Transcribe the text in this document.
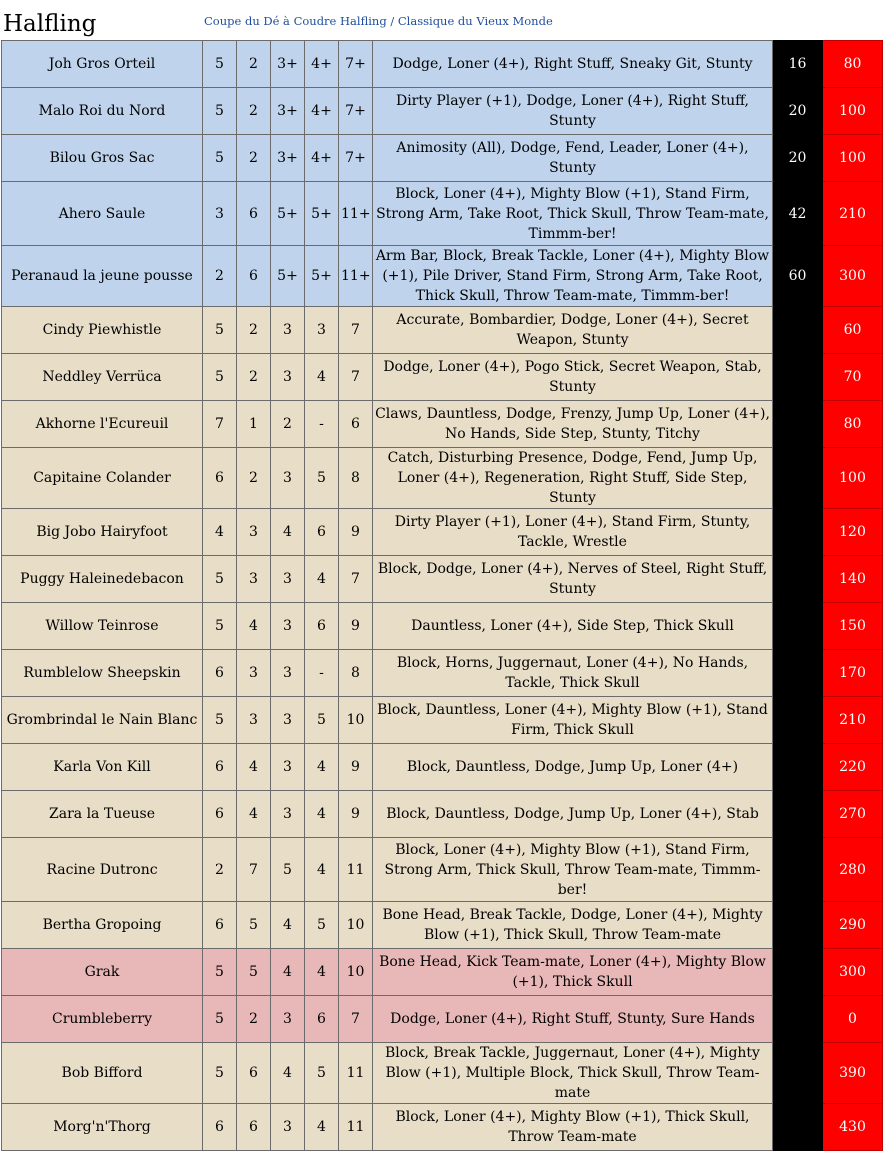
Halfling	Coupe du Dé à Coudre Halfling / Classique du Vieux Monde
Joh Gros Orteil	5	2	3+	4+	7+	Dodge, Loner (4+), Right Stuff, Sneaky Git, Stunty	16	80
Malo Roi du Nord	5	2	3+	4+	7+	Dirty Player (+1), Dodge, Loner (4+), Right Stuff, Stunty	20	100
Bilou Gros Sac	5	2	3+	4+	7+	Animosity (All), Dodge, Fend, Leader, Loner (4+), Stunty	20	100
Ahero Saule	3	6	5+	5+	11+	Block, Loner (4+), Mighty Blow (+1), Stand Firm, Strong Arm, Take Root, Thick Skull, Throw Team-mate, Timmm-ber!	42	210
Peranaud la jeune pousse	2	6	5+	5+	11+	Arm Bar, Block, Break Tackle, Loner (4+), Mighty Blow (+1), Pile Driver, Stand Firm, Strong Arm, Take Root, Thick Skull, Throw Team-mate, Timmm-ber!	60	300
Cindy Piewhistle	5	2	3	3	7	Accurate, Bombardier, Dodge, Loner (4+), Secret Weapon, Stunty		60
Neddley Verrüca	5	2	3	4	7	Dodge, Loner (4+), Pogo Stick, Secret Weapon, Stab, Stunty		70
Akhorne l'Ecureuil	7	1	2	-	6	Claws, Dauntless, Dodge, Frenzy, Jump Up, Loner (4+), No Hands, Side Step, Stunty, Titchy		80
Capitaine Colander	6	2	3	5	8	Catch, Disturbing Presence, Dodge, Fend, Jump Up, Loner (4+), Regeneration, Right Stuff, Side Step, Stunty		100
Big Jobo Hairyfoot	4	3	4	6	9	Dirty Player (+1), Loner (4+), Stand Firm, Stunty, Tackle, Wrestle		120
Puggy Haleinedebacon	5	3	3	4	7	Block, Dodge, Loner (4+), Nerves of Steel, Right Stuff, Stunty		140
Willow Teinrose	5	4	3	6	9	Dauntless, Loner (4+), Side Step, Thick Skull		150
Rumblelow Sheepskin	6	3	3	-	8	Block, Horns, Juggernaut, Loner (4+), No Hands, Tackle, Thick Skull		170
Grombrindal le Nain Blanc	5	3	3	5	10	Block, Dauntless, Loner (4+), Mighty Blow (+1), Stand Firm, Thick Skull		210
Karla Von Kill	6	4	3	4	9	Block, Dauntless, Dodge, Jump Up, Loner (4+)		220
Zara la Tueuse	6	4	3	4	9	Block, Dauntless, Dodge, Jump Up, Loner (4+), Stab		270
Racine Dutronc	2	7	5	4	11	Block, Loner (4+), Mighty Blow (+1), Stand Firm, Strong Arm, Thick Skull, Throw Team-mate, Timmm-ber!		280
Bertha Gropoing	6	5	4	5	10	Bone Head, Break Tackle, Dodge, Loner (4+), Mighty Blow (+1), Thick Skull, Throw Team-mate		290
Grak	5	5	4	4	10	Bone Head, Kick Team-mate, Loner (4+), Mighty Blow (+1), Thick Skull		300
Crumbleberry	5	2	3	6	7	Dodge, Loner (4+), Right Stuff, Stunty, Sure Hands		0
Bob Bifford	5	6	4	5	11	Block, Break Tackle, Juggernaut, Loner (4+), Mighty Blow (+1), Multiple Block, Thick Skull, Throw Team-mate		390
Morg'n'Thorg	6	6	3	4	11	Block, Loner (4+), Mighty Blow (+1), Thick Skull, Throw Team-mate		430
